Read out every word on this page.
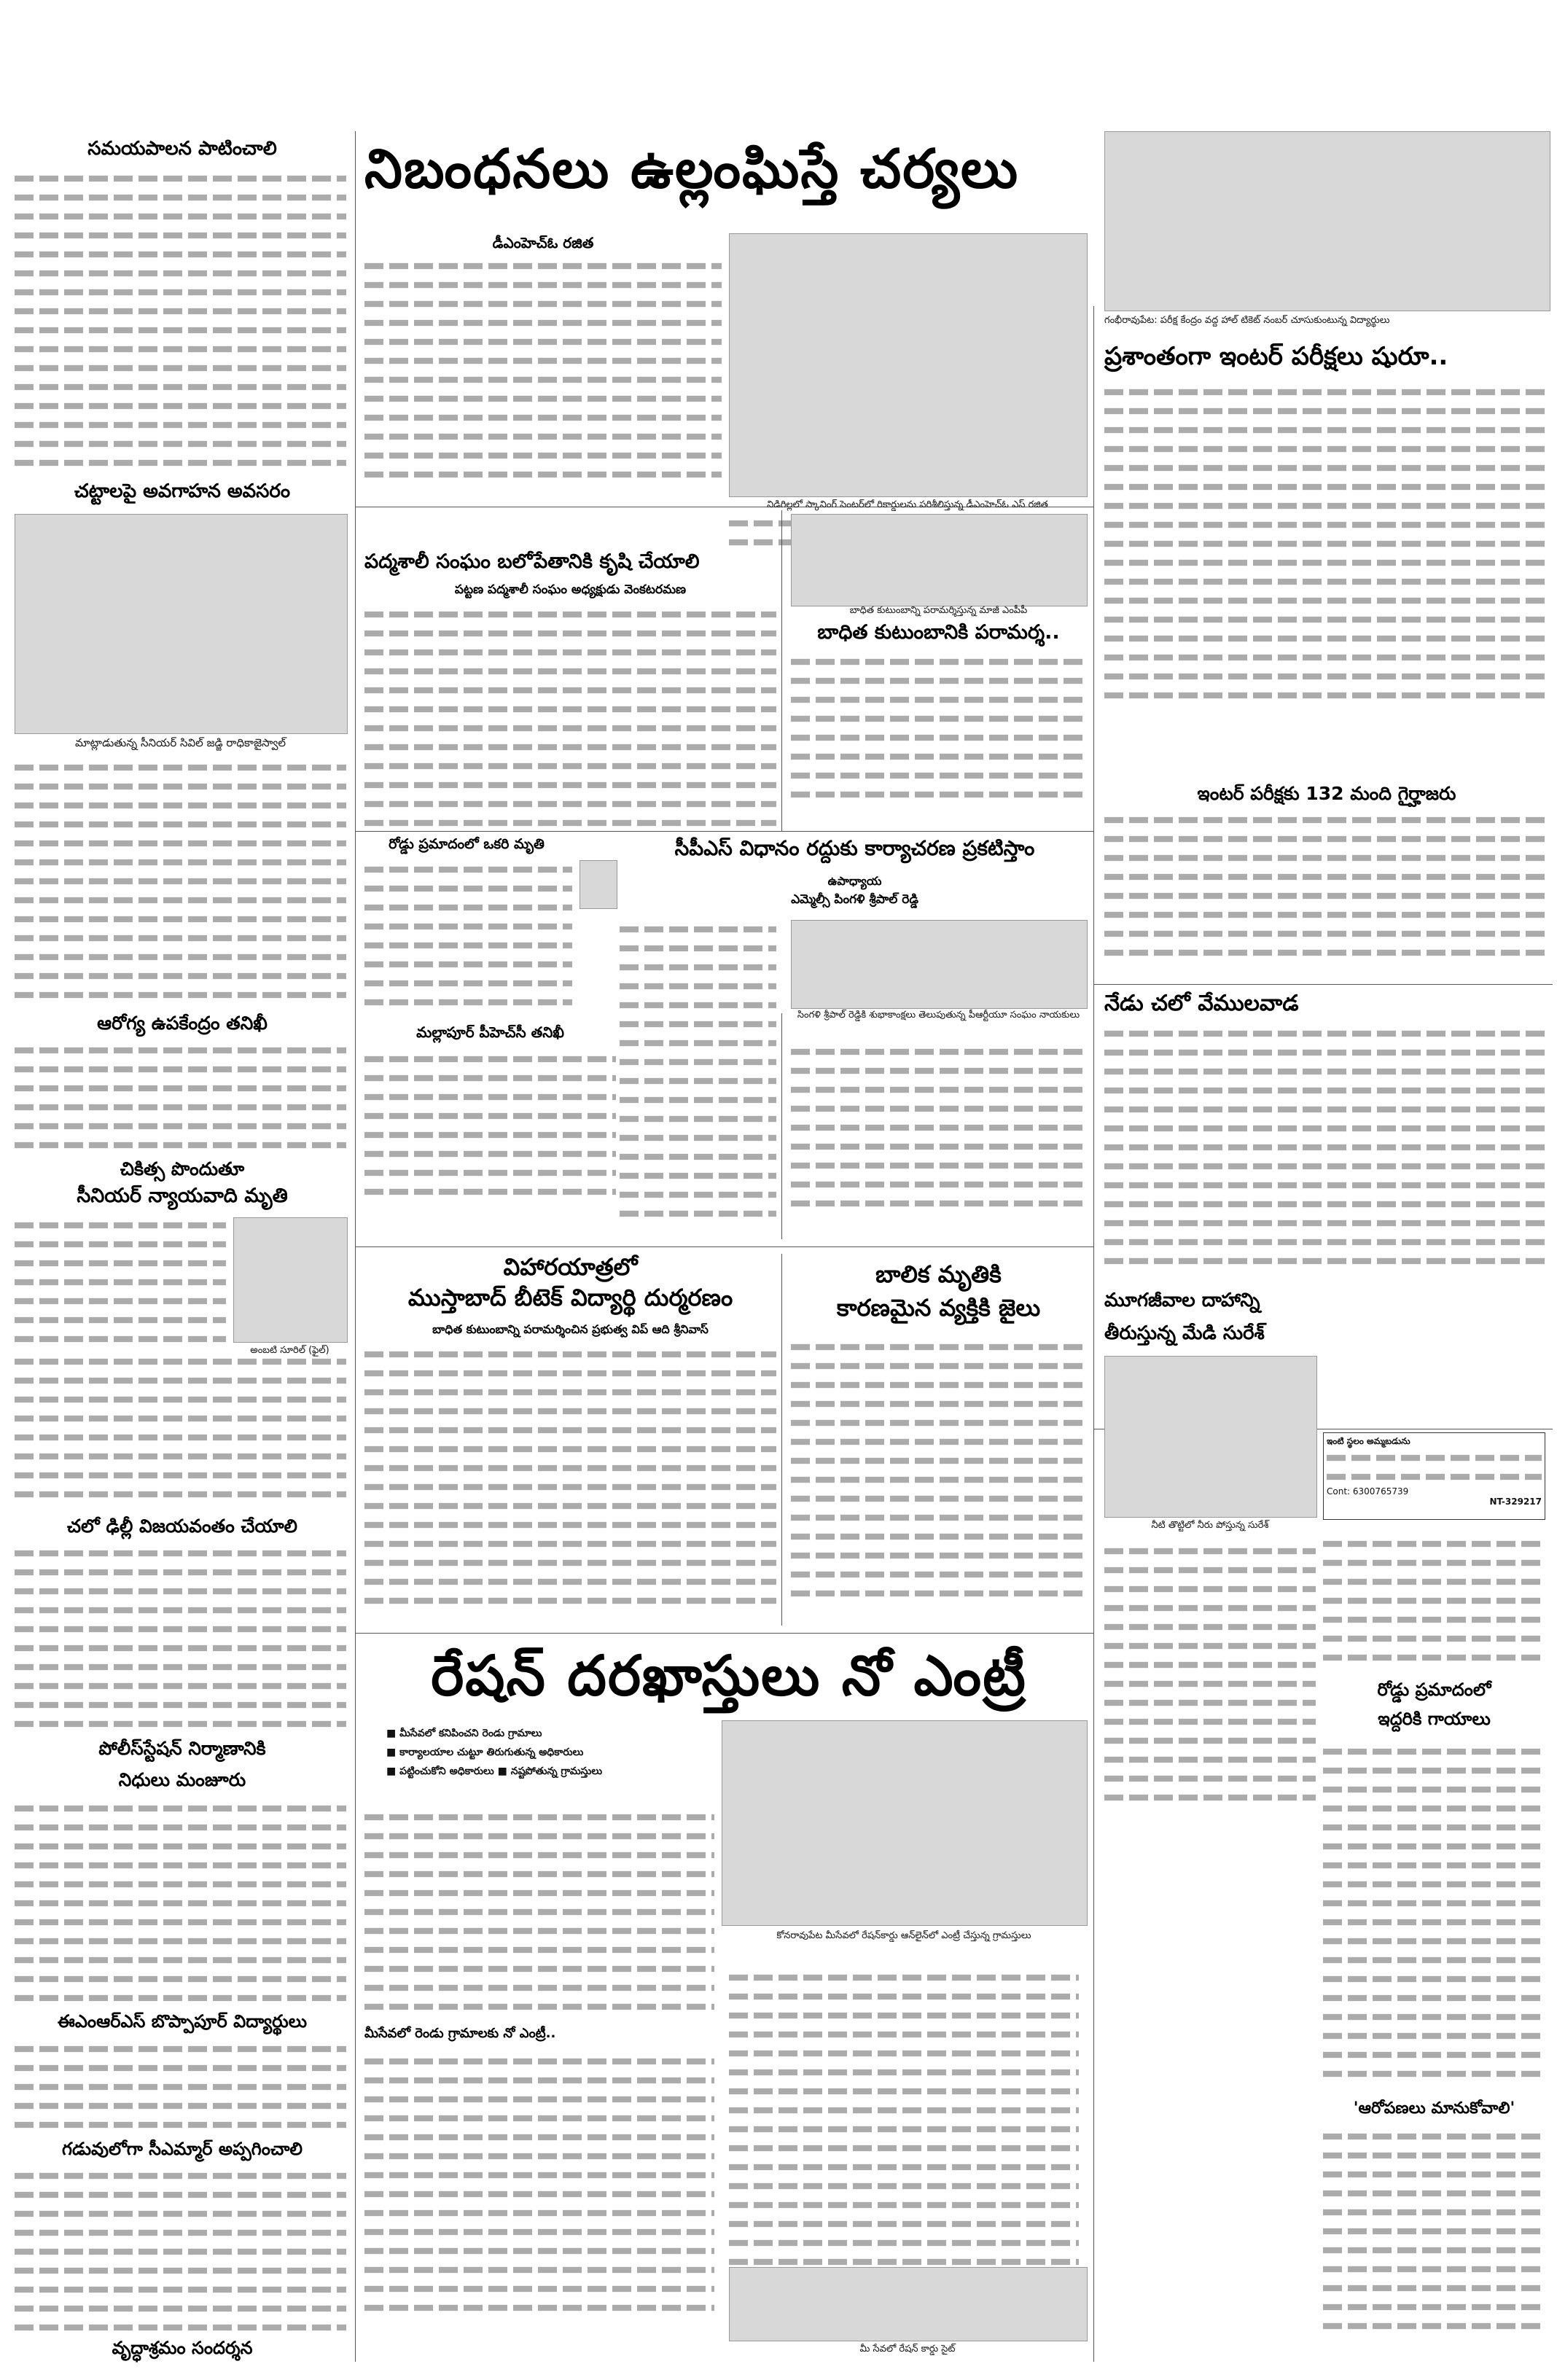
సమయపాలన పాటించాలి
చట్టాలపై అవగాహన అవసరం
మాట్లాడుతున్న సీనియర్ సివిల్ జడ్జి రాధికాజైస్వాల్
ఆరోగ్య ఉపకేంద్రం తనిఖీ
చికిత్స పొందుతూ
సీనియర్ న్యాయవాది మృతి
అంబటి సూరిల్ (ఫైల్)
చలో ఢిల్లీ విజయవంతం చేయాలి
పోలీస్‌స్టేషన్ నిర్మాణానికి
నిధులు మంజూరు
ఈఎంఆర్ఎస్ బొప్పాపూర్ విద్యార్థులు
గడువులోగా సీఎమ్మార్ అప్పగించాలి
వృద్ధాశ్రమం సందర్శన
నిబంధనలు ఉల్లంఘిస్తే చర్యలు
డీఎంహెచ్‌ఓ రజిత
నిడిగిల్లలో స్కానింగ్ సెంటర్‌లో రికార్డులను పరిశీలిస్తున్న డీఎంహెచ్‌ఓ ఎస్ రజిత
పద్మశాలీ సంఘం బలోపేతానికి కృషి చేయాలి
పట్టణ పద్మశాలీ సంఘం అధ్యక్షుడు వెంకటరమణ
బాధిత కుటుంబాన్ని పరామర్శిస్తున్న మాజీ ఎంపీపీ
బాధిత కుటుంబానికి పరామర్శ..
రోడ్డు ప్రమాదంలో ఒకరి మృతి	సీపీఎస్ విధానం రద్దుకు కార్యాచరణ ప్రకటిస్తాం
ఉపాధ్యాయ
ఎమ్మెల్సీ పింగళి శ్రీపాల్ రెడ్డి
సింగళి శ్రీపాల్ రెడ్డికి శుభాకాంక్షలు తెలుపుతున్న పీఆర్టీయూ సంఘం నాయకులు
మల్లాపూర్ పీహెచ్‌సీ తనిఖీ
విహారయాత్రలో
ముస్తాబాద్ బీటెక్ విద్యార్థి దుర్మరణం
బాధిత కుటుంబాన్ని పరామర్శించిన ప్రభుత్వ విప్ ఆది శ్రీనివాస్
బాలిక మృతికి
కారణమైన వ్యక్తికి జైలు
రేషన్ దరఖాస్తులు నో ఎంట్రీ
■ మీసేవలో కనిపించని రెండు గ్రామాలు
■ కార్యాలయాల చుట్టూ తిరుగుతున్న అధికారులు
■ పట్టించుకోని అధికారులు ■ నష్టపోతున్న గ్రామస్తులు
మీసేవలో రెండు గ్రామాలకు నో ఎంట్రీ..
కోనరావుపేట మీసేవలో రేషన్‌కార్డు ఆన్‌లైన్‌లో ఎంట్రీ చేస్తున్న గ్రామస్తులు
మీ సేవలో రేషన్ కార్డు సైట్
గంభీరావుపేట: పరీక్ష కేంద్రం వద్ద హాల్ టికెట్ నంబర్ చూసుకుంటున్న విద్యార్థులు
ప్రశాంతంగా ఇంటర్ పరీక్షలు షురూ..
ఇంటర్ పరీక్షకు 132 మంది గైర్హాజరు
నేడు చలో వేములవాడ
మూగజీవాల దాహాన్ని
తీరుస్తున్న మేడి సురేశ్
నీటి తొట్టిలో నీరు పోస్తున్న సురేశ్
ఇంటి స్థలం అమ్మబడును
Cont: 6300765739
NT-329217
రోడ్డు ప్రమాదంలో
ఇద్దరికి గాయాలు
'ఆరోపణలు మానుకోవాలి'
